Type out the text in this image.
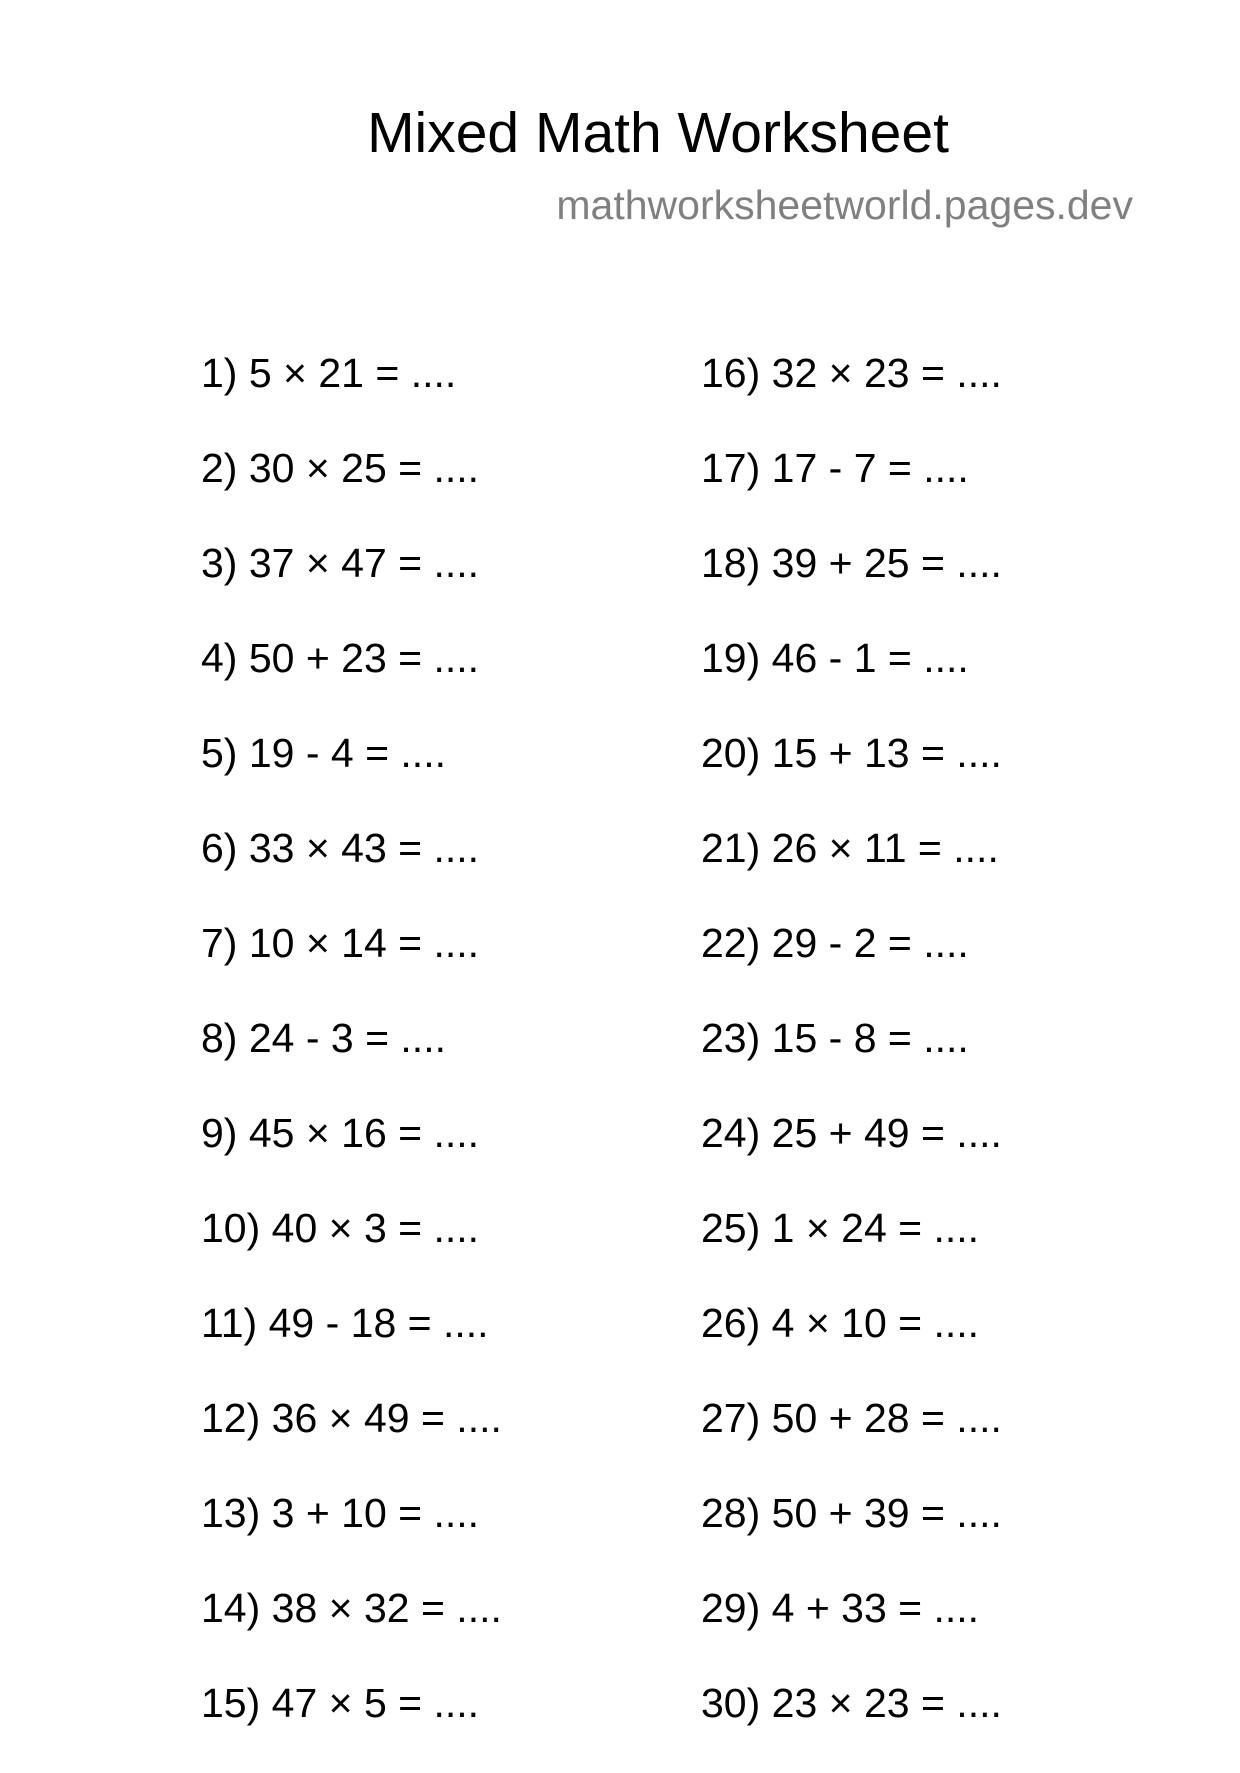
Mixed Math Worksheet
mathworksheetworld.pages.dev
1) 5 × 21 = ....
2) 30 × 25 = ....
3) 37 × 47 = ....
4) 50 + 23 = ....
5) 19 - 4 = ....
6) 33 × 43 = ....
7) 10 × 14 = ....
8) 24 - 3 = ....
9) 45 × 16 = ....
10) 40 × 3 = ....
11) 49 - 18 = ....
12) 36 × 49 = ....
13) 3 + 10 = ....
14) 38 × 32 = ....
15) 47 × 5 = ....
16) 32 × 23 = ....
17) 17 - 7 = ....
18) 39 + 25 = ....
19) 46 - 1 = ....
20) 15 + 13 = ....
21) 26 × 11 = ....
22) 29 - 2 = ....
23) 15 - 8 = ....
24) 25 + 49 = ....
25) 1 × 24 = ....
26) 4 × 10 = ....
27) 50 + 28 = ....
28) 50 + 39 = ....
29) 4 + 33 = ....
30) 23 × 23 = ....
